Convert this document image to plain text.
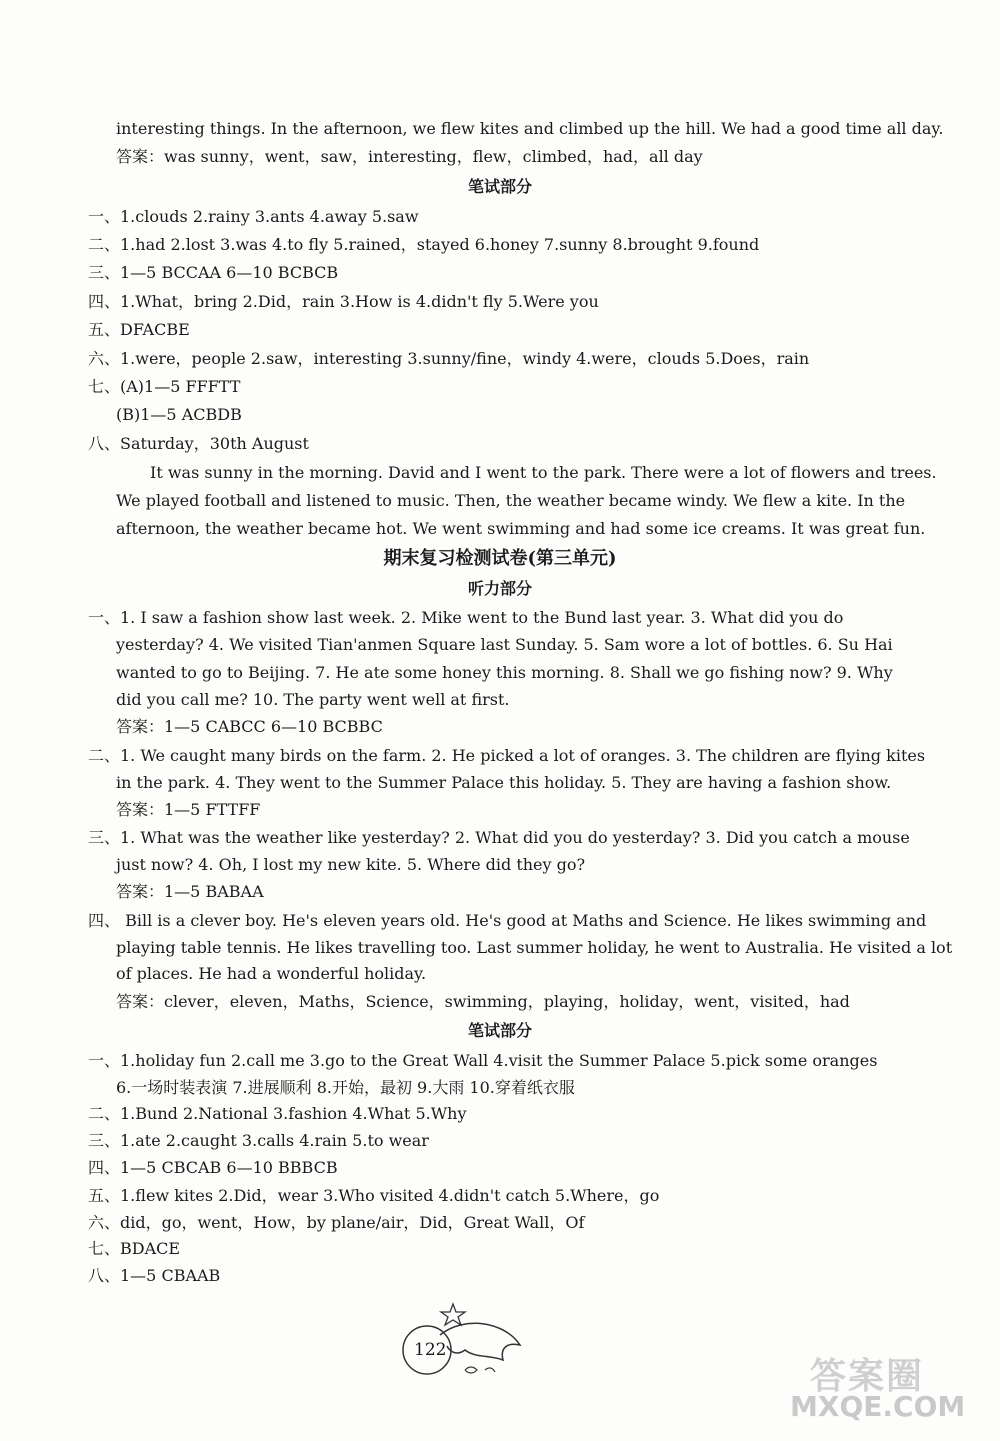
interesting things. In the afternoon, we flew kites and climbed up the hill. We had a good time all day.
答案：was sunny，went，saw，interesting，flew，climbed，had，all day
笔试部分
一、1.clouds 2.rainy 3.ants 4.away 5.saw
二、1.had 2.lost 3.was 4.to fly 5.rained，stayed 6.honey 7.sunny 8.brought 9.found
三、1—5 BCCAA 6—10 BCBCB
四、1.What，bring 2.Did，rain 3.How is 4.didn't fly 5.Were you
五、DFACBE
六、1.were，people 2.saw，interesting 3.sunny/fine，windy 4.were，clouds 5.Does，rain
七、(A)1—5 FFFTT
(B)1—5 ACBDB
八、Saturday，30th August
It was sunny in the morning. David and I went to the park. There were a lot of flowers and trees.
We played football and listened to music. Then, the weather became windy. We flew a kite. In the
afternoon, the weather became hot. We went swimming and had some ice creams. It was great fun.
期末复习检测试卷(第三单元)
听力部分
一、1. I saw a fashion show last week. 2. Mike went to the Bund last year. 3. What did you do
yesterday? 4. We visited Tian'anmen Square last Sunday. 5. Sam wore a lot of bottles. 6. Su Hai
wanted to go to Beijing. 7. He ate some honey this morning. 8. Shall we go fishing now? 9. Why
did you call me? 10. The party went well at first.
答案：1—5 CABCC 6—10 BCBBC
二、1. We caught many birds on the farm. 2. He picked a lot of oranges. 3. The children are flying kites
in the park. 4. They went to the Summer Palace this holiday. 5. They are having a fashion show.
答案：1—5 FTTFF
三、1. What was the weather like yesterday? 2. What did you do yesterday? 3. Did you catch a mouse
just now? 4. Oh, I lost my new kite. 5. Where did they go?
答案：1—5 BABAA
四、 Bill is a clever boy. He's eleven years old. He's good at Maths and Science. He likes swimming and
playing table tennis. He likes travelling too. Last summer holiday, he went to Australia. He visited a lot
of places. He had a wonderful holiday.
答案：clever，eleven，Maths，Science，swimming，playing，holiday，went，visited，had
笔试部分
一、1.holiday fun 2.call me 3.go to the Great Wall 4.visit the Summer Palace 5.pick some oranges
6.一场时装表演 7.进展顺利 8.开始，最初 9.大雨 10.穿着纸衣服
二、1.Bund 2.National 3.fashion 4.What 5.Why
三、1.ate 2.caught 3.calls 4.rain 5.to wear
四、1—5 CBCAB 6—10 BBBCB
五、1.flew kites 2.Did，wear 3.Who visited 4.didn't catch 5.Where，go
六、did，go，went，How，by plane/air，Did，Great Wall，Of
七、BDACE
八、1—5 CBAAB
122
答案圈
MXQE.COM
